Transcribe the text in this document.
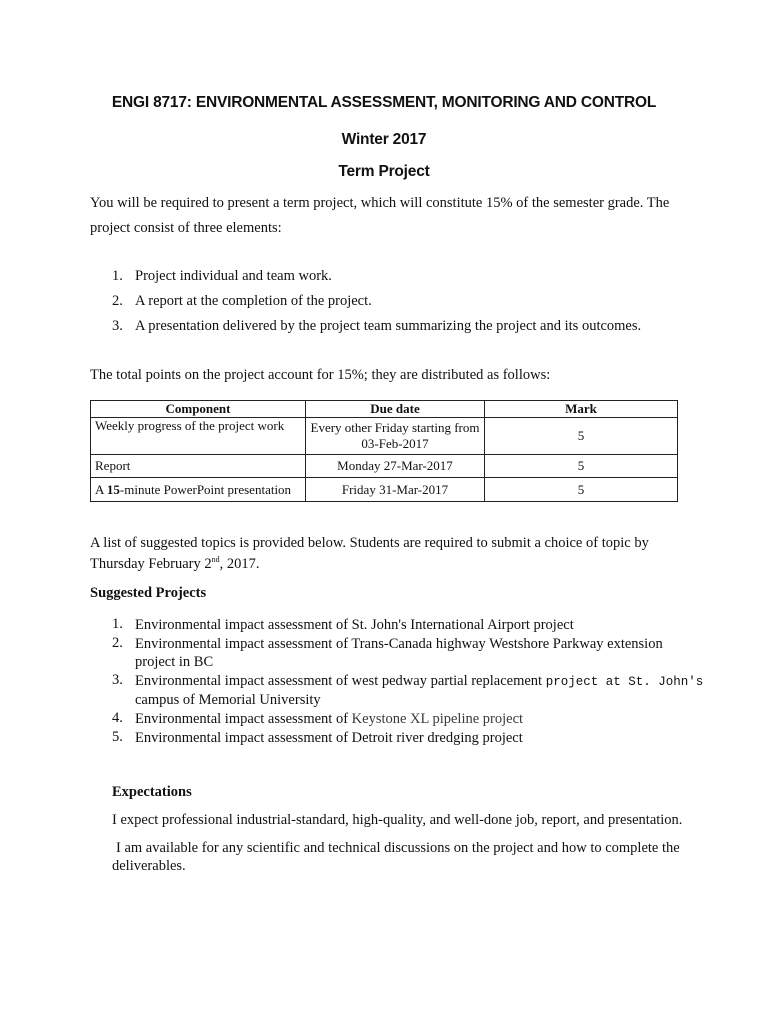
ENGI 8717: ENVIRONMENTAL ASSESSMENT, MONITORING AND CONTROL
Winter 2017
Term Project
You will be required to present a term project, which will constitute 15% of the semester grade. The
project consist of three elements:
1. Project individual and team work.
2. A report at the completion of the project.
3. A presentation delivered by the project team summarizing the project and its outcomes.
The total points on the project account for 15%; they are distributed as follows:
Component	Due date	Mark
Weekly progress of the project work	Every other Friday starting from
03-Feb-2017	5
Report	Monday 27-Mar-2017	5
A 15-minute PowerPoint presentation	Friday 31-Mar-2017	5
A list of suggested topics is provided below. Students are required to submit a choice of topic by
Thursday February 2nd, 2017.
Suggested Projects
1. Environmental impact assessment of St. John's International Airport project
2. Environmental impact assessment of Trans-Canada highway Westshore Parkway extension
project in BC
3. Environmental impact assessment of west pedway partial replacement project at St. John's
campus of Memorial University
4. Environmental impact assessment of Keystone XL pipeline project
5. Environmental impact assessment of Detroit river dredging project
Expectations
I expect professional industrial-standard, high-quality, and well-done job, report, and presentation.
I am available for any scientific and technical discussions on the project and how to complete the
deliverables.
